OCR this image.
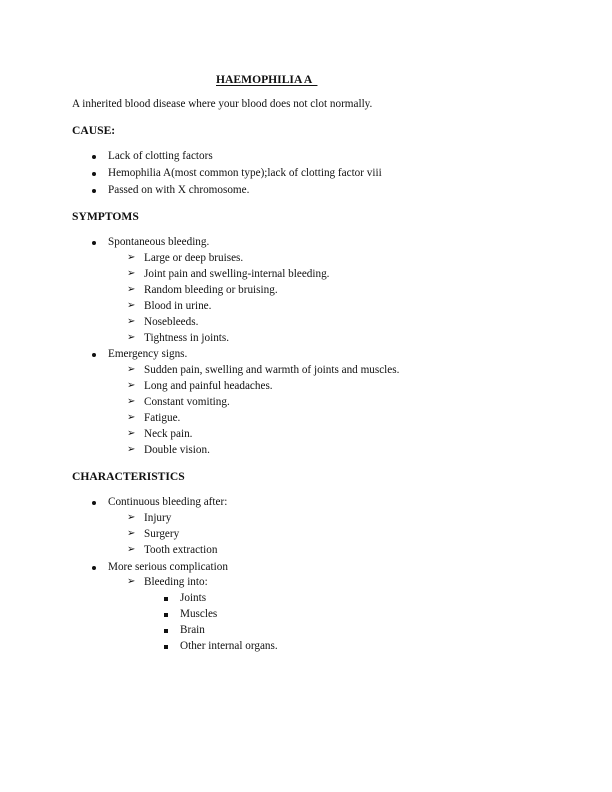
HAEMOPHILIA A
A inherited blood disease where your blood does not clot normally.
CAUSE:
Lack of clotting factors
Hemophilia A(most common type);lack of clotting factor viii
Passed on with X chromosome.
SYMPTOMS
Spontaneous bleeding.
➢ Large or deep bruises.
➢ Joint pain and swelling-internal bleeding.
➢ Random bleeding or bruising.
➢ Blood in urine.
➢ Nosebleeds.
➢ Tightness in joints.
Emergency signs.
➢ Sudden pain, swelling and warmth of joints and muscles.
➢ Long and painful headaches.
➢ Constant vomiting.
➢ Fatigue.
➢ Neck pain.
➢ Double vision.
CHARACTERISTICS
Continuous bleeding after:
➢ Injury
➢ Surgery
➢ Tooth extraction
More serious complication
➢ Bleeding into:
Joints
Muscles
Brain
Other internal organs.
